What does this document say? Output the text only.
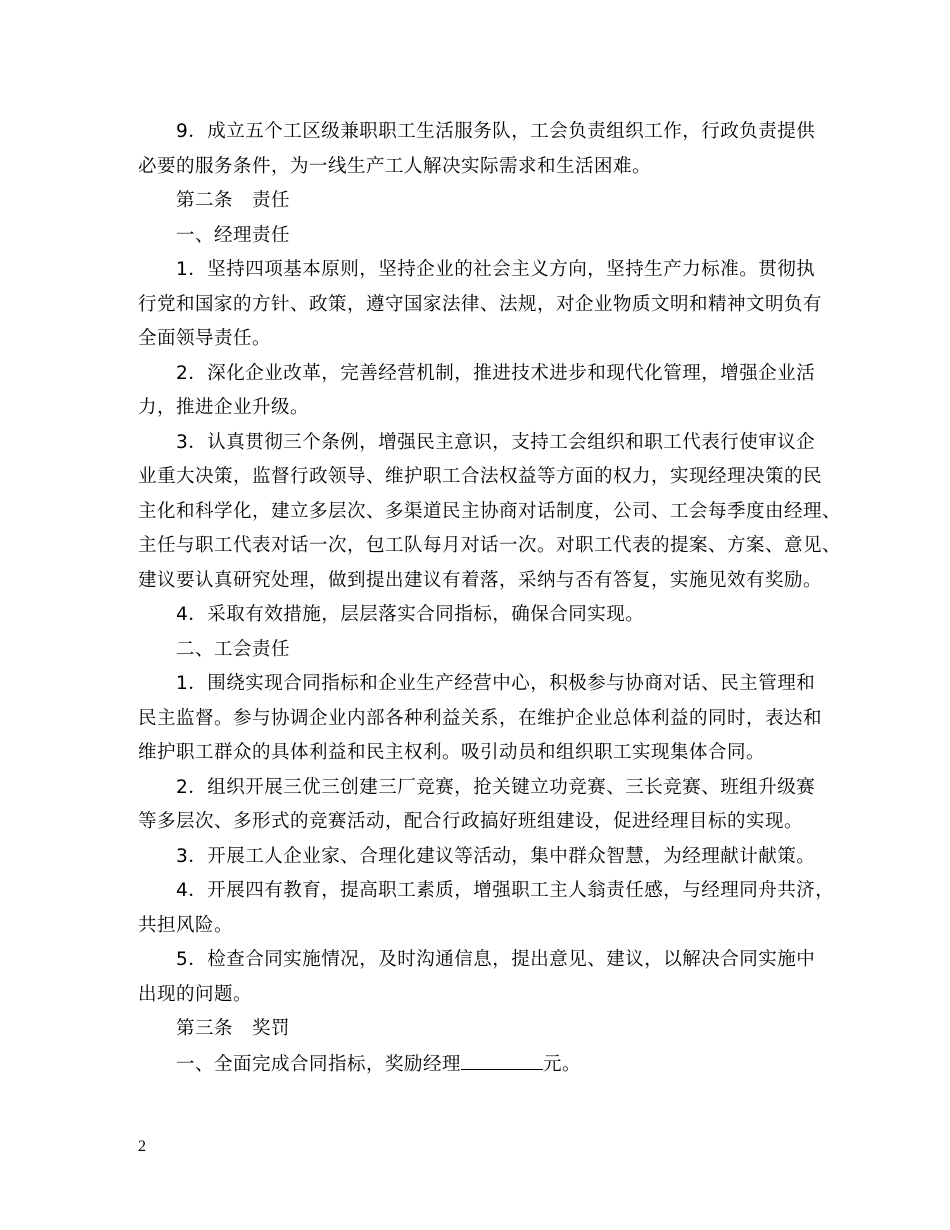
9．成立五个工区级兼职职工生活服务队，工会负责组织工作，行政负责提供

必要的服务条件，为一线生产工人解决实际需求和生活困难。

第二条　责任

一、经理责任

1．坚持四项基本原则，坚持企业的社会主义方向，坚持生产力标准。贯彻执

行党和国家的方针、政策，遵守国家法律、法规，对企业物质文明和精神文明负有

全面领导责任。

2．深化企业改革，完善经营机制，推进技术进步和现代化管理，增强企业活

力，推进企业升级。

3．认真贯彻三个条例，增强民主意识，支持工会组织和职工代表行使审议企

业重大决策，监督行政领导、维护职工合法权益等方面的权力，实现经理决策的民

主化和科学化，建立多层次、多渠道民主协商对话制度，公司、工会每季度由经理、

主任与职工代表对话一次，包工队每月对话一次。对职工代表的提案、方案、意见、

建议要认真研究处理，做到提出建议有着落，采纳与否有答复，实施见效有奖励。

4．采取有效措施，层层落实合同指标，确保合同实现。

二、工会责任

1．围绕实现合同指标和企业生产经营中心，积极参与协商对话、民主管理和

民主监督。参与协调企业内部各种利益关系，在维护企业总体利益的同时，表达和

维护职工群众的具体利益和民主权利。吸引动员和组织职工实现集体合同。

2．组织开展三优三创建三厂竞赛，抢关键立功竞赛、三长竞赛、班组升级赛

等多层次、多形式的竞赛活动，配合行政搞好班组建设，促进经理目标的实现。

3．开展工人企业家、合理化建议等活动，集中群众智慧，为经理献计献策。

4．开展四有教育，提高职工素质，增强职工主人翁责任感，与经理同舟共济，

共担风险。

5．检查合同实施情况，及时沟通信息，提出意见、建议，以解决合同实施中

出现的问题。

第三条　奖罚

一、全面完成合同指标，奖励经理	元。

2
